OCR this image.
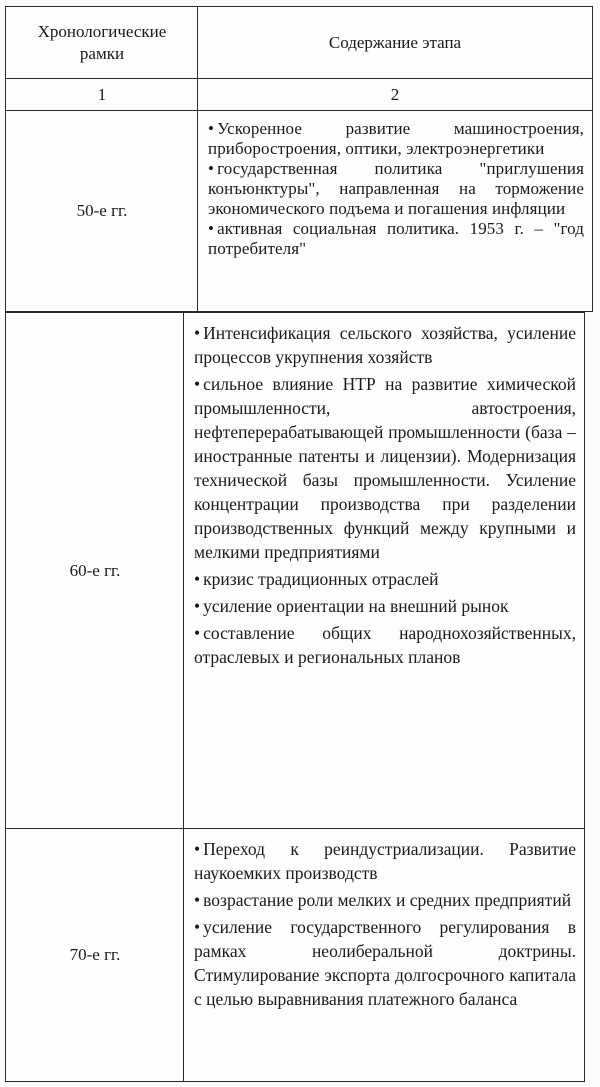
Хронологические рамки
Содержание этапа
1	2
50-е гг.
• Ускоренное развитие машиностроения, приборостроения, оптики, электроэнергетики
• государственная политика "приглушения конъюнктуры", направленная на торможение экономического подъема и погашения инфляции
• активная социальная политика. 1953 г. – "год потребителя"
60-е гг.
• Интенсификация сельского хозяйства, усиление процессов укрупнения хозяйств
• сильное влияние НТР на развитие химической промышленности, автостроения, нефтеперерабатывающей промышленности (база – иностранные патенты и лицензии). Модернизация технической базы промышленности. Усиление концентрации производства при разделении производственных функций между крупными и мелкими предприятиями
• кризис традиционных отраслей
• усиление ориентации на внешний рынок
• составление общих народнохозяйственных, отраслевых и региональных планов
70-е гг.
• Переход к реиндустриализации. Развитие наукоемких производств
• возрастание роли мелких и средних предприятий
• усиление государственного регулирования в рамках неолиберальной доктрины. Стимулирование экспорта долгосрочного капитала с целью выравнивания платежного баланса
